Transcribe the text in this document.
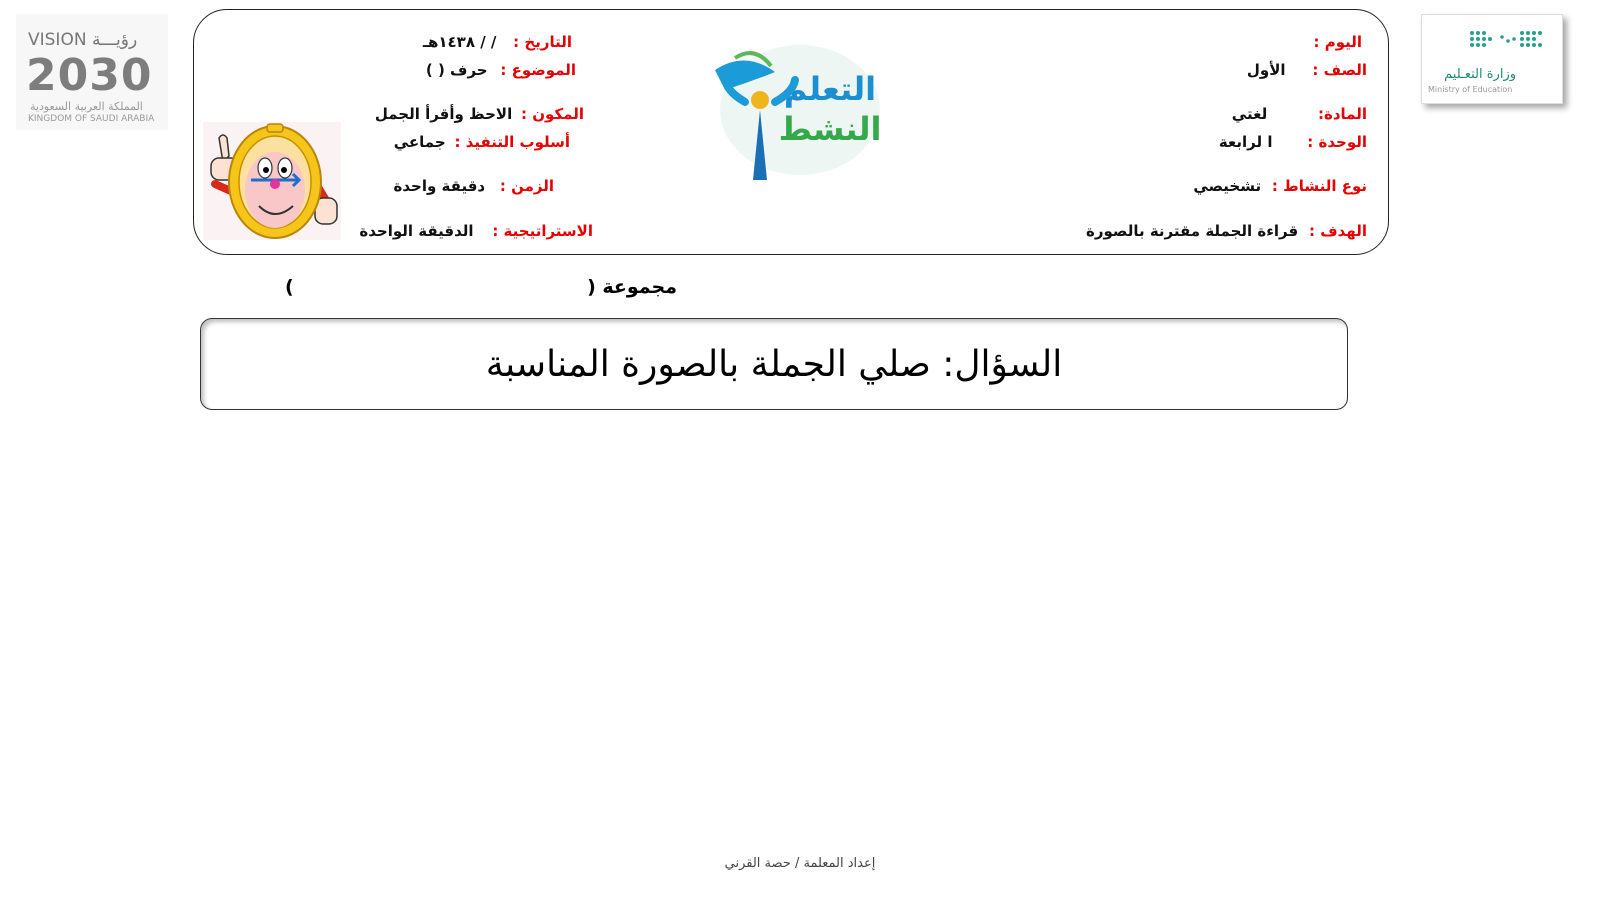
VISION رؤيـــة
2030
المملكة العربية السعودية
KINGDOM OF SAUDI ARABIA
وزارة التعـليم
Ministry of Education
اليوم :
الصف : الأول
المادة: لغتي
الوحدة : ا لرابعة
نوع النشاط : تشخيصي
الهدف : قراءة الجملة مقترنة بالصورة
التاريخ : / / ١٤٣٨هـ
الموضوع : حرف ( )
المكون : الاحظ وأقرأ الجمل
أسلوب التنفيذ : جماعي
الزمن : دقيقة واحدة
الاستراتيجية : الدقيقة الواحدة
التعلم
النشط
مجموعة (
)
السؤال: صلي الجملة بالصورة المناسبة
إعداد المعلمة / حصة القرني
